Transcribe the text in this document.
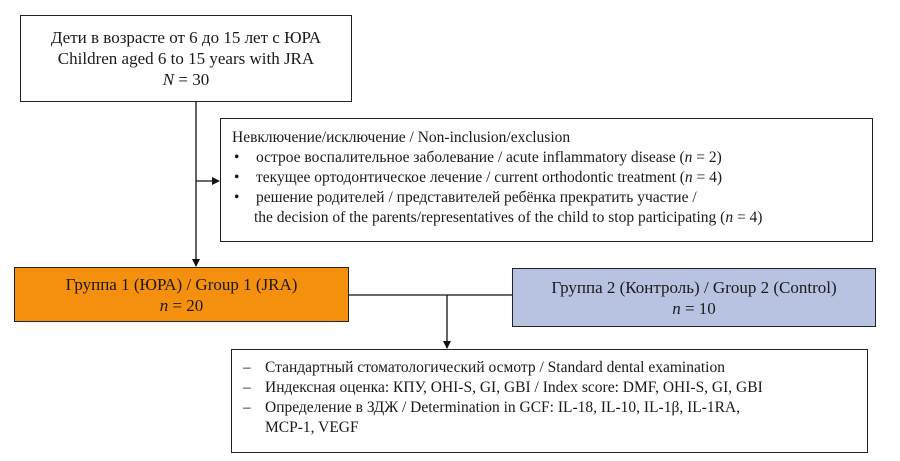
Дети в возрасте от 6 до 15 лет с ЮРА
Children aged 6 to 15 years with JRA
N = 30
Невключение/исключение / Non-inclusion/exclusion
•	острое воспалительное заболевание / acute inflammatory disease (n = 2)
•	текущее ортодонтическое лечение / current orthodontic treatment (n = 4)
•	решение родителей / представителей ребёнка прекратить участие /
the decision of the parents/representatives of the child to stop participating (n = 4)
Группа 1 (ЮРА) / Group 1 (JRA)
n = 20
Группа 2 (Контроль) / Group 2 (Control)
n = 10
– Стандартный стоматологический осмотр / Standard dental examination
– Индексная оценка: КПУ, OHI-S, GI, GBI / Index score: DMF, OHI-S, GI, GBI
– Определение в ЗДЖ / Determination in GCF: IL-18, IL-10, IL-1β, IL-1RA,
MCP-1, VEGF
